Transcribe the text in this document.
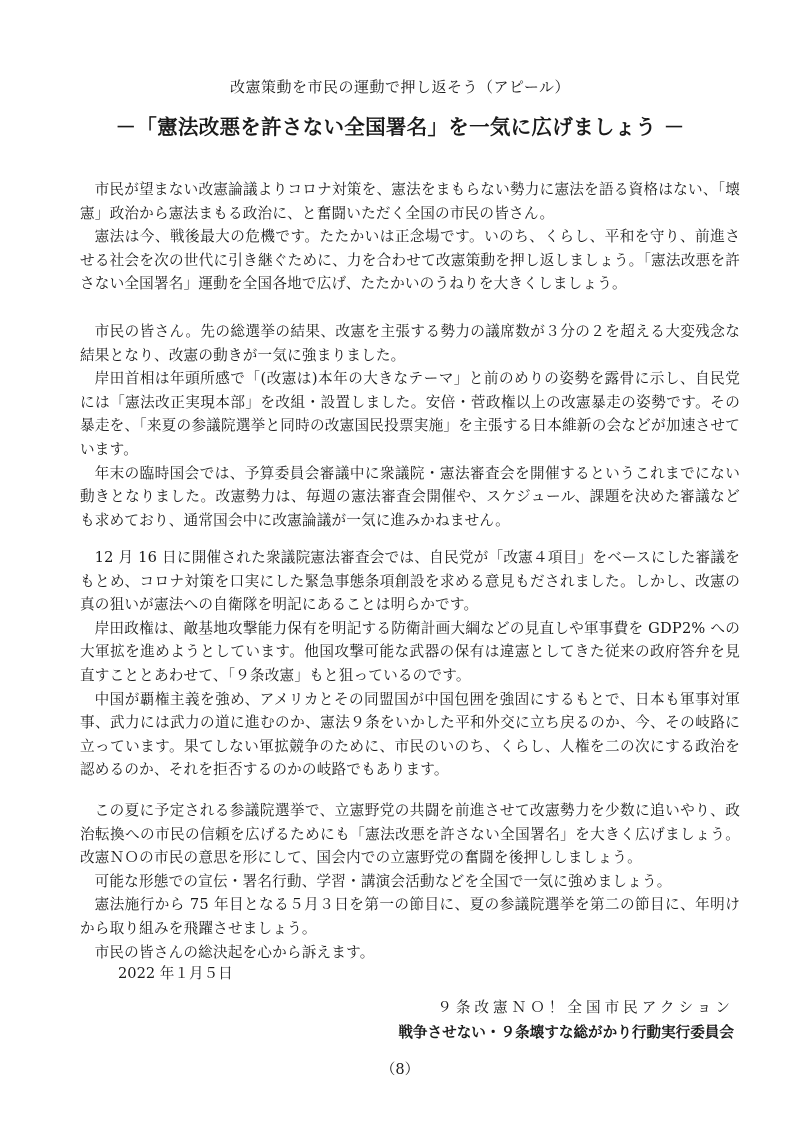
改憲策動を市民の運動で押し返そう（アピール）
－「憲法改悪を許さない全国署名」を一気に広げましょう －

市民が望まない改憲論議よりコロナ対策を、憲法をまもらない勢力に憲法を語る資格はない、「壊憲」政治から憲法まもる政治に、と奮闘いただく全国の市民の皆さん。

憲法は今、戦後最大の危機です。たたかいは正念場です。いのち、くらし、平和を守り、前進させる社会を次の世代に引き継ぐために、力を合わせて改憲策動を押し返しましょう。「憲法改悪を許さない全国署名」運動を全国各地で広げ、たたかいのうねりを大きくしましょう。

市民の皆さん。先の総選挙の結果、改憲を主張する勢力の議席数が３分の２を超える大変残念な結果となり、改憲の動きが一気に強まりました。

岸田首相は年頭所感で「(改憲は)本年の大きなテーマ」と前のめりの姿勢を露骨に示し、自民党には「憲法改正実現本部」を改組・設置しました。安倍・菅政権以上の改憲暴走の姿勢です。その暴走を、「来夏の参議院選挙と同時の改憲国民投票実施」を主張する日本維新の会などが加速させています。

年末の臨時国会では、予算委員会審議中に衆議院・憲法審査会を開催するというこれまでにない動きとなりました。改憲勢力は、毎週の憲法審査会開催や、スケジュール、課題を決めた審議なども求めており、通常国会中に改憲論議が一気に進みかねません。

12 月 16 日に開催された衆議院憲法審査会では、自民党が「改憲４項目」をベースにした審議をもとめ、コロナ対策を口実にした緊急事態条項創設を求める意見もだされました。しかし、改憲の真の狙いが憲法への自衛隊を明記にあることは明らかです。

岸田政権は、敵基地攻撃能力保有を明記する防衛計画大綱などの見直しや軍事費を GDP2% への大軍拡を進めようとしています。他国攻撃可能な武器の保有は違憲としてきた従来の政府答弁を見直すこととあわせて、「９条改憲」もと狙っているのです。

中国が覇権主義を強め、アメリカとその同盟国が中国包囲を強固にするもとで、日本も軍事対軍事、武力には武力の道に進むのか、憲法９条をいかした平和外交に立ち戻るのか、今、その岐路に立っています。果てしない軍拡競争のために、市民のいのち、くらし、人権を二の次にする政治を認めるのか、それを拒否するのかの岐路でもあります。

この夏に予定される参議院選挙で、立憲野党の共闘を前進させて改憲勢力を少数に追いやり、政治転換への市民の信頼を広げるためにも「憲法改悪を許さない全国署名」を大きく広げましょう。改憲ＮＯの市民の意思を形にして、国会内での立憲野党の奮闘を後押ししましょう。

可能な形態での宣伝・署名行動、学習・講演会活動などを全国で一気に強めましょう。

憲法施行から 75 年目となる５月３日を第一の節目に、夏の参議院選挙を第二の節目に、年明けから取り組みを飛躍させましょう。

市民の皆さんの総決起を心から訴えます。

2022 年１月５日
９条改憲ＮＯ！全国市民アクション
戦争させない・９条壊すな総がかり行動実行委員会
（8）
